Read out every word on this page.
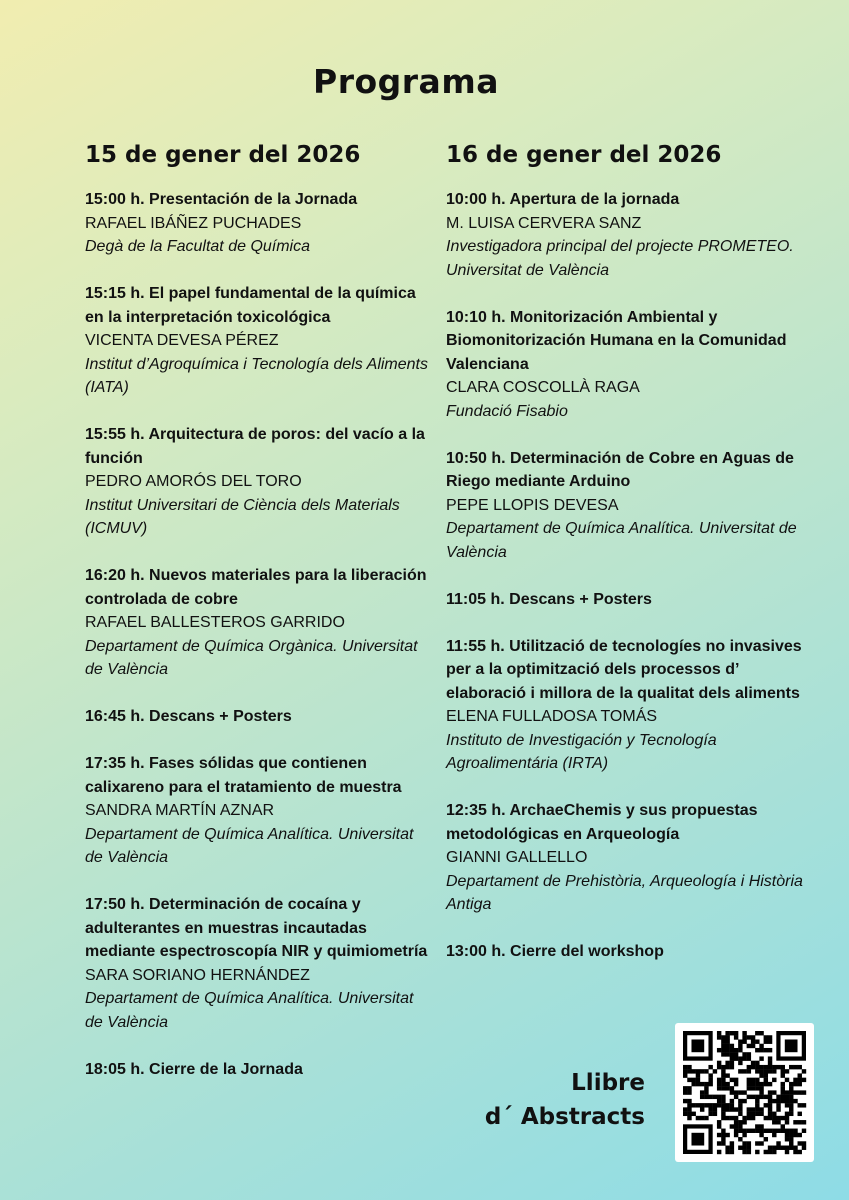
Programa
15 de gener del 2026
15:00 h. Presentación de la Jornada
RAFAEL IBÁÑEZ PUCHADES
Degà de la Facultat de Química
15:15 h. El papel fundamental de la química en la interpretación toxicológica
VICENTA DEVESA PÉREZ
Institut d’Agroquímica i Tecnología dels Aliments (IATA)
15:55 h. Arquitectura de poros: del vacío a la función
PEDRO AMORÓS DEL TORO
Institut Universitari de Ciència dels Materials (ICMUV)
16:20 h. Nuevos materiales para la liberación controlada de cobre
RAFAEL BALLESTEROS GARRIDO
Departament de Química Orgànica. Universitat de València
16:45 h. Descans + Posters
17:35 h. Fases sólidas que contienen calixareno para el tratamiento de muestra
SANDRA MARTÍN AZNAR
Departament de Química Analítica. Universitat de València
17:50 h. Determinación de cocaína y adulterantes en muestras incautadas mediante espectroscopía NIR y quimiometría
SARA SORIANO HERNÁNDEZ
Departament de Química Analítica. Universitat de València
18:05 h. Cierre de la Jornada
16 de gener del 2026
10:00 h. Apertura de la jornada
M. LUISA CERVERA SANZ
Investigadora principal del projecte PROMETEO. Universitat de València
10:10 h. Monitorización Ambiental y Biomonitorización Humana en la Comunidad Valenciana
CLARA COSCOLLÀ RAGA
Fundació Fisabio
10:50 h. Determinación de Cobre en Aguas de Riego mediante Arduino
PEPE LLOPIS DEVESA
Departament de Química Analítica. Universitat de València
11:05 h. Descans + Posters
11:55 h. Utilització de tecnologíes no invasives per a la optimització dels processos d’ elaboració i millora de la qualitat dels aliments
ELENA FULLADOSA TOMÁS
Instituto de Investigación y Tecnología Agroalimentária (IRTA)
12:35 h. ArchaeChemis y sus propuestas metodológicas en Arqueología
GIANNI GALLELLO
Departament de Prehistòria, Arqueología i Història Antiga
13:00 h. Cierre del workshop
Llibre
d´ Abstracts
